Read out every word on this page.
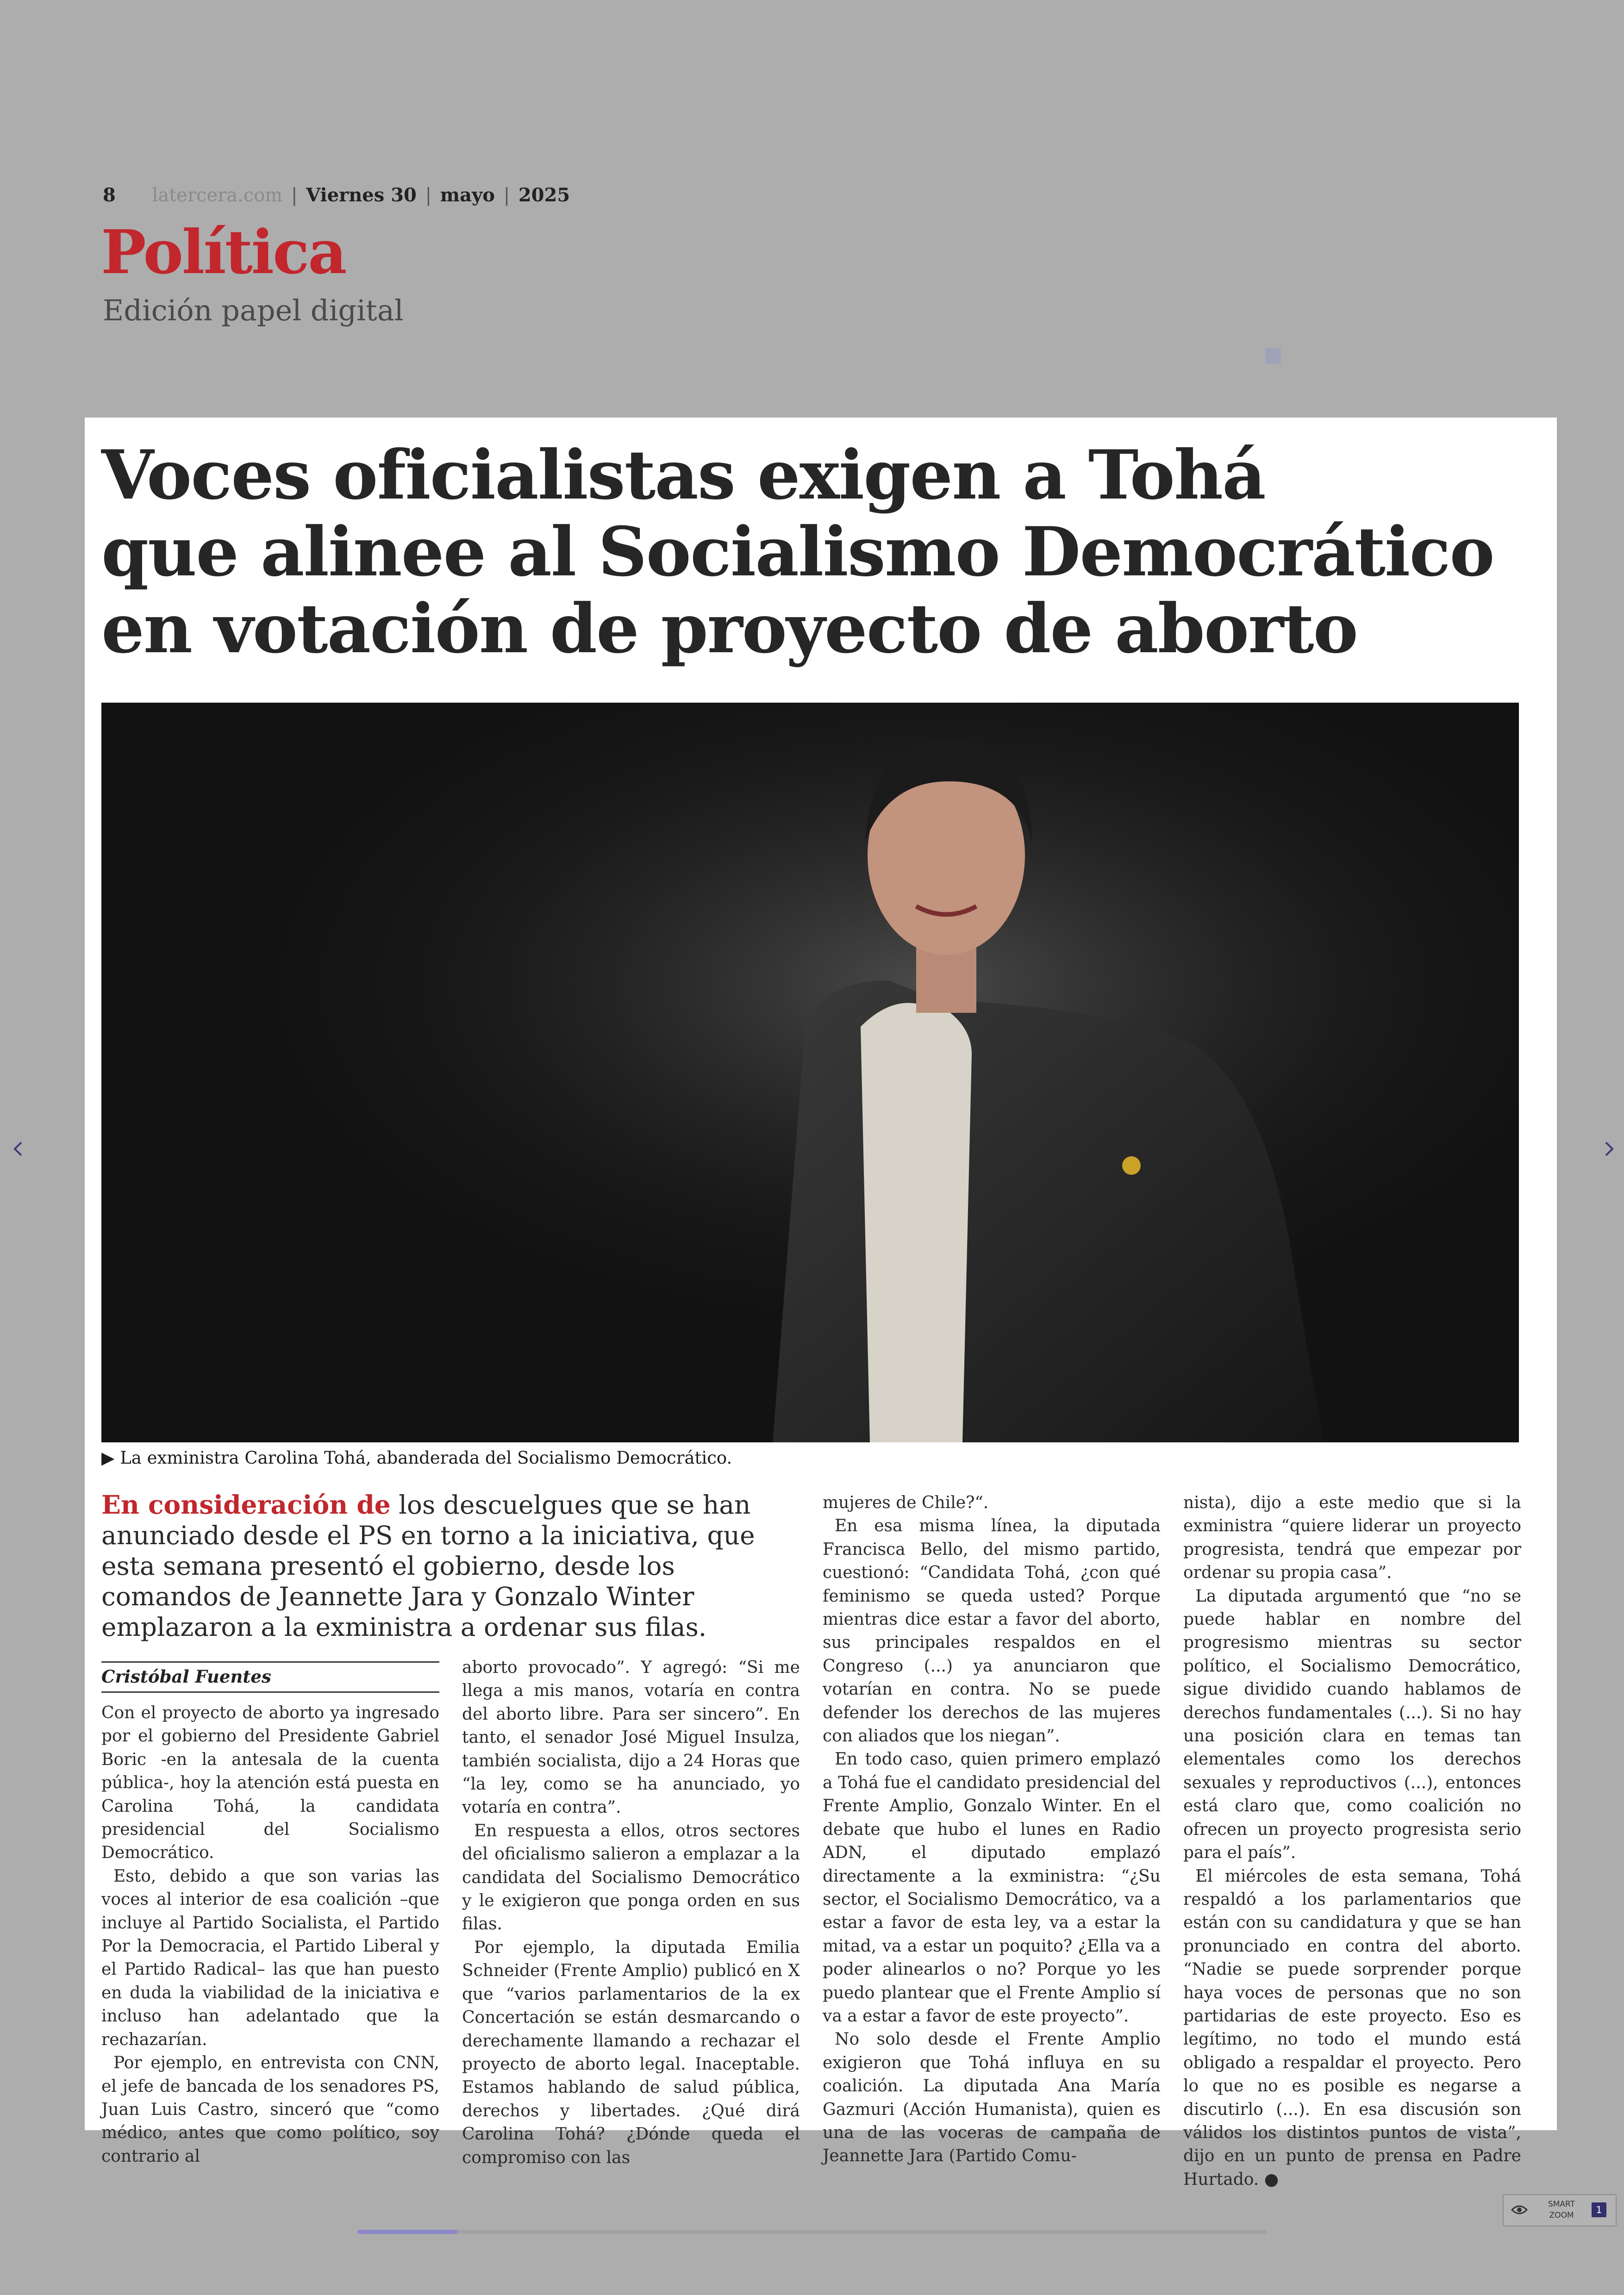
8 latercera.com | Viernes 30 | mayo | 2025
Política
Edición papel digital
Voces oficialistas exigen a Tohá
que alinee al Socialismo Democrático
en votación de proyecto de aborto
▶ La exministra Carolina Tohá, abanderada del Socialismo Democrático.
En consideración de los descuelgues que se han anunciado desde el PS en torno a la iniciativa, que esta semana presentó el gobierno, desde los comandos de Jeannette Jara y Gonzalo Winter emplazaron a la exministra a ordenar sus filas.
Cristóbal Fuentes

Con el proyecto de aborto ya ingresado por el gobierno del Presidente Gabriel Boric -en la antesala de la cuenta pública-, hoy la atención está puesta en Carolina Tohá, la candidata presidencial del Socialismo Democrático.

Esto, debido a que son varias las voces al interior de esa coalición –que incluye al Partido Socialista, el Partido Por la Democracia, el Partido Liberal y el Partido Radical– las que han puesto en duda la viabilidad de la iniciativa e incluso han adelantado que la rechazarían.

Por ejemplo, en entrevista con CNN, el jefe de bancada de los senadores PS, Juan Luis Castro, sinceró que “como médico, antes que como político, soy contrario al

aborto provocado”. Y agregó: “Si me llega a mis manos, votaría en contra del aborto libre. Para ser sincero”. En tanto, el senador José Miguel Insulza, también socialista, dijo a 24 Horas que “la ley, como se ha anunciado, yo votaría en contra”.

En respuesta a ellos, otros sectores del oficialismo salieron a emplazar a la candidata del Socialismo Democrático y le exigieron que ponga orden en sus filas.

Por ejemplo, la diputada Emilia Schneider (Frente Amplio) publicó en X que “varios parlamentarios de la ex Concertación se están desmarcando o derechamente llamando a rechazar el proyecto de aborto legal. Inaceptable. Estamos hablando de salud pública, derechos y libertades. ¿Qué dirá Carolina Tohá? ¿Dónde queda el compromiso con las

mujeres de Chile?“.

En esa misma línea, la diputada Francisca Bello, del mismo partido, cuestionó: “Candidata Tohá, ¿con qué feminismo se queda usted? Porque mientras dice estar a favor del aborto, sus principales respaldos en el Congreso (...) ya anunciaron que votarían en contra. No se puede defender los derechos de las mujeres con aliados que los niegan”.

En todo caso, quien primero emplazó a Tohá fue el candidato presidencial del Frente Amplio, Gonzalo Winter. En el debate que hubo el lunes en Radio ADN, el diputado emplazó directamente a la exministra: “¿Su sector, el Socialismo Democrático, va a estar a favor de esta ley, va a estar la mitad, va a estar un poquito? ¿Ella va a poder alinearlos o no? Porque yo les puedo plantear que el Frente Amplio sí va a estar a favor de este proyecto”.

No solo desde el Frente Amplio exigieron que Tohá influya en su coalición. La diputada Ana María Gazmuri (Acción Humanista), quien es una de las voceras de campaña de Jeannette Jara (Partido Comu-

nista), dijo a este medio que si la exministra “quiere liderar un proyecto progresista, tendrá que empezar por ordenar su propia casa”.

La diputada argumentó que “no se puede hablar en nombre del progresismo mientras su sector político, el Socialismo Democrático, sigue dividido cuando hablamos de derechos fundamentales (...). Si no hay una posición clara en temas tan elementales como los derechos sexuales y reproductivos (...), entonces está claro que, como coalición no ofrecen un proyecto progresista serio para el país”.

El miércoles de esta semana, Tohá respaldó a los parlamentarios que están con su candidatura y que se han pronunciado en contra del aborto. “Nadie se puede sorprender porque haya voces de personas que no son partidarias de este proyecto. Eso es legítimo, no todo el mundo está obligado a respaldar el proyecto. Pero lo que no es posible es negarse a discutirlo (...). En esa discusión son válidos los distintos puntos de vista”, dijo en un punto de prensa en Padre Hurtado. ●

SMART ZOOM	1
